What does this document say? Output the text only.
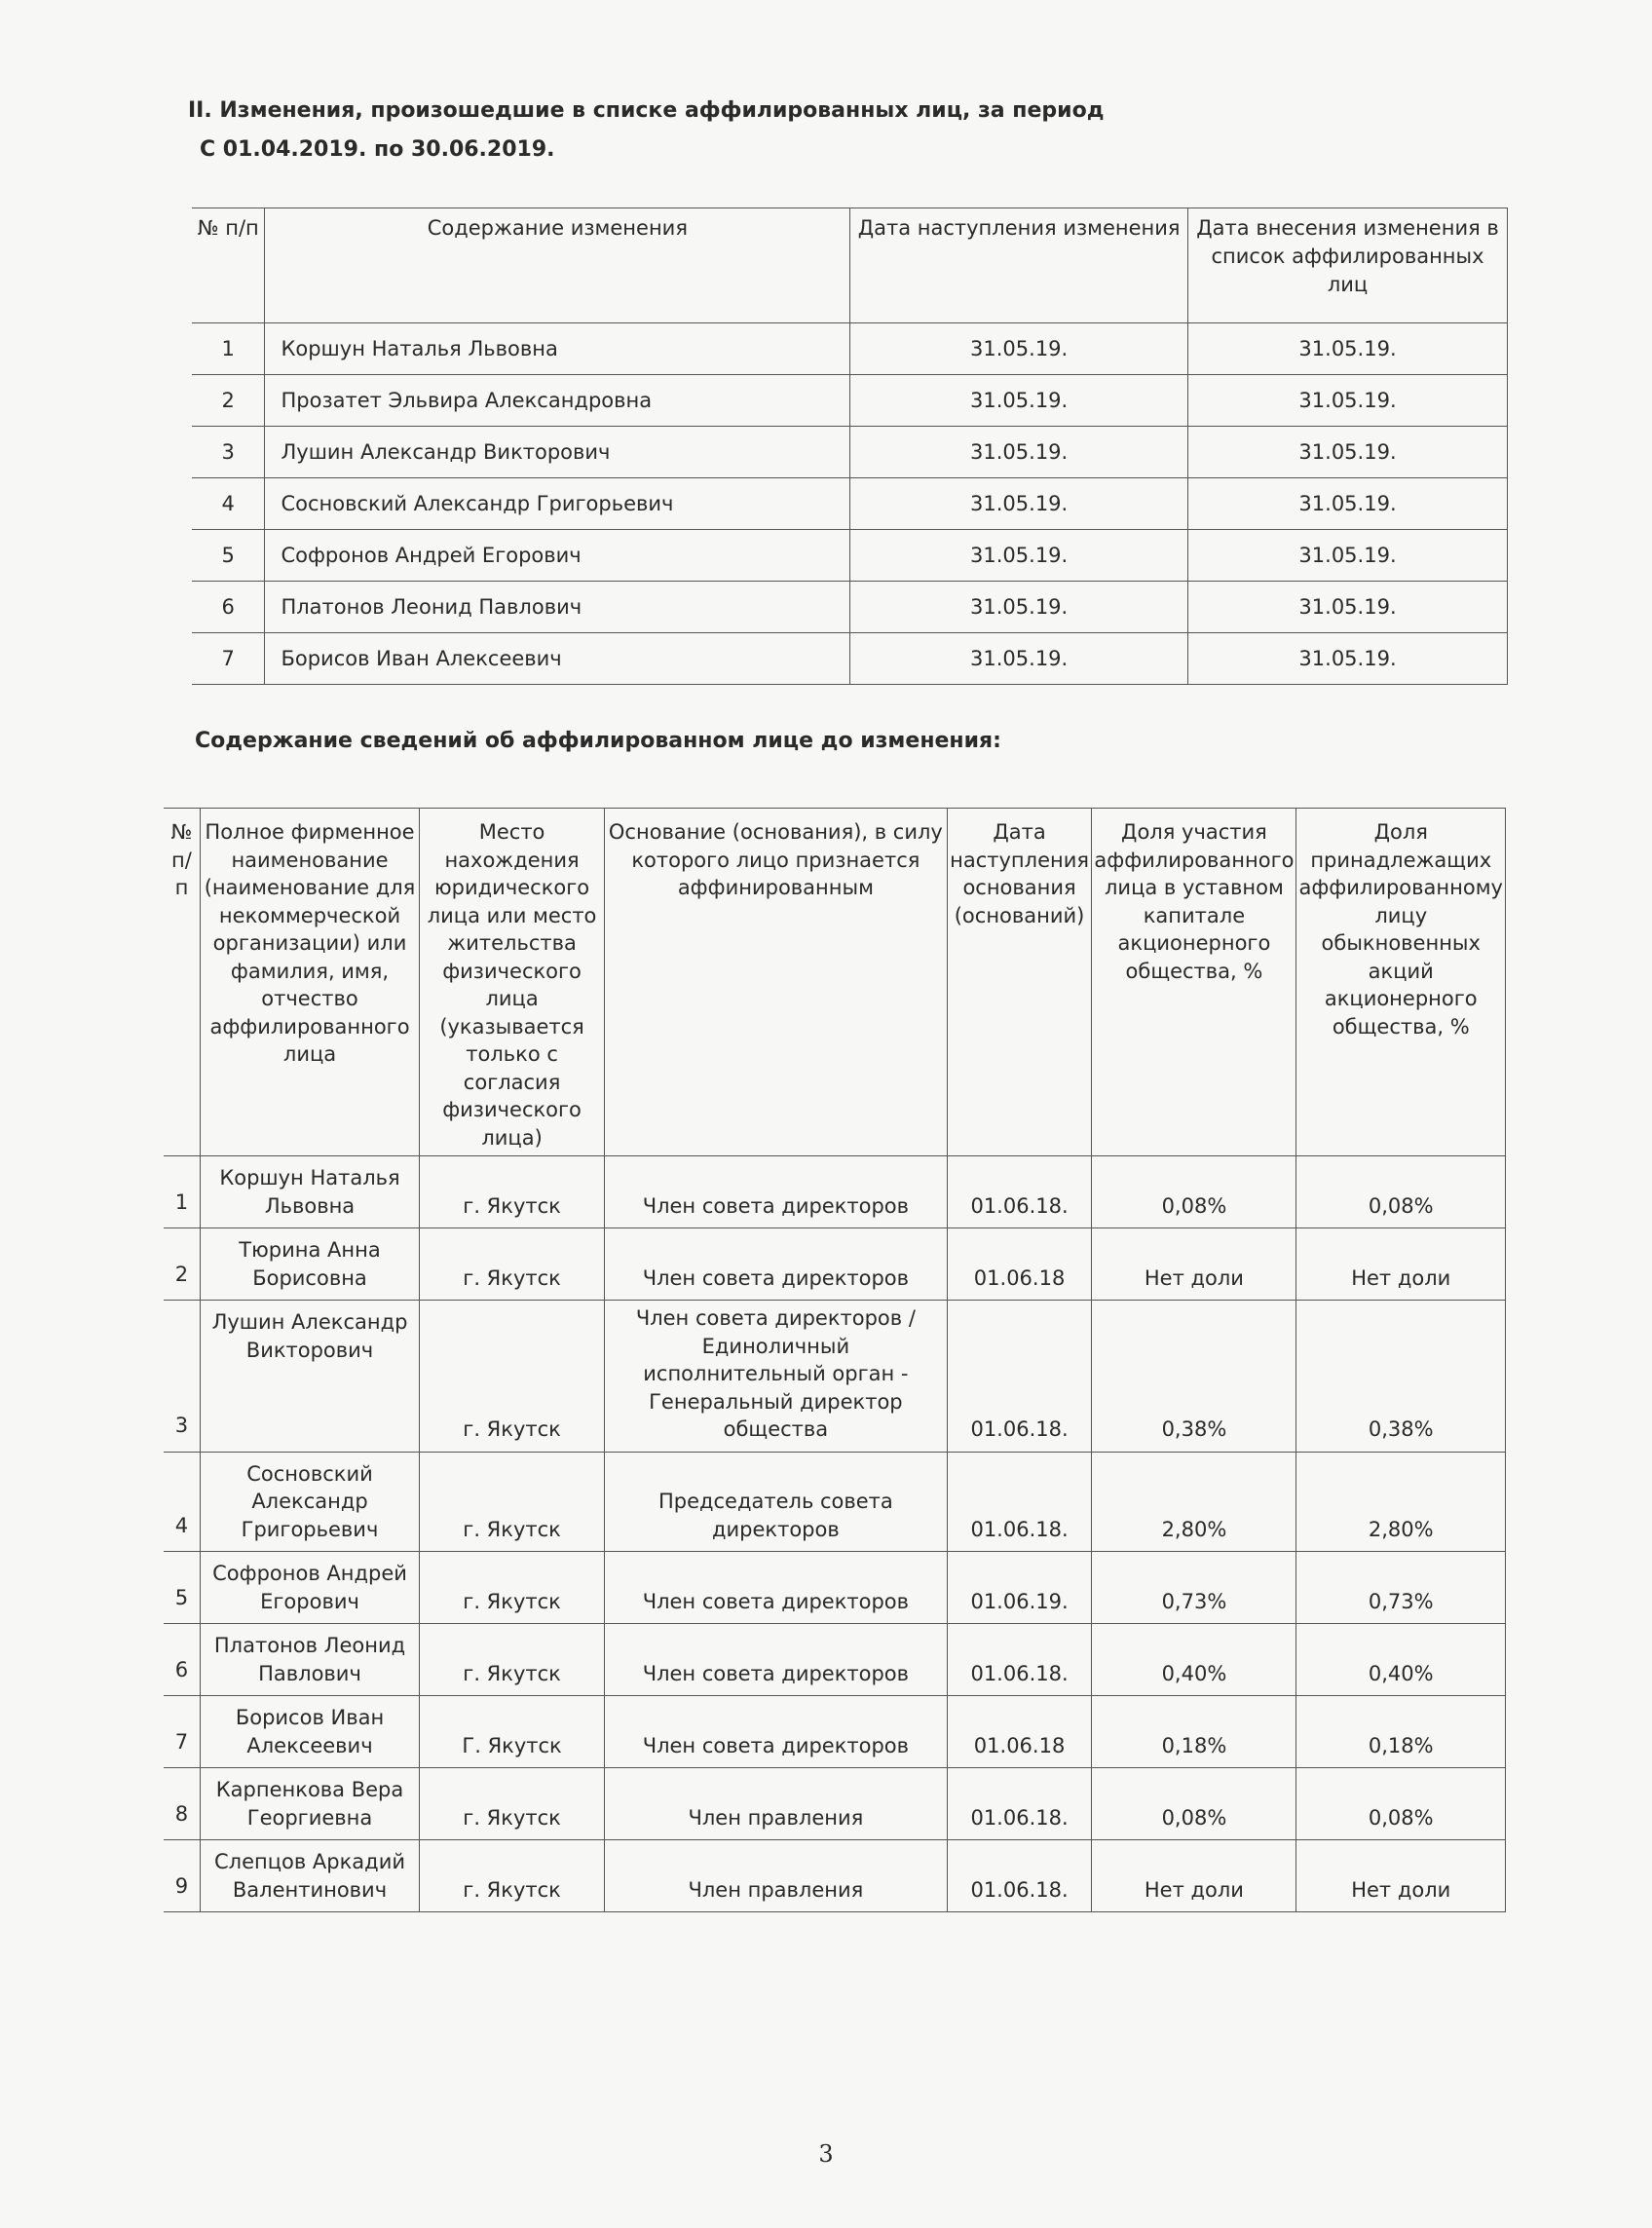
II. Изменения, произошедшие в списке аффилированных лиц, за период
С 01.04.2019. по 30.06.2019.
№ п/п	Содержание изменения	Дата наступления изменения	Дата внесения изменения в список аффилированных лиц
1	Коршун Наталья Львовна	31.05.19.	31.05.19.
2	Прозатет Эльвира Александровна	31.05.19.	31.05.19.
3	Лушин Александр Викторович	31.05.19.	31.05.19.
4	Сосновский Александр Григорьевич	31.05.19.	31.05.19.
5	Софронов Андрей Егорович	31.05.19.	31.05.19.
6	Платонов Леонид Павлович	31.05.19.	31.05.19.
7	Борисов Иван Алексеевич	31.05.19.	31.05.19.
Содержание сведений об аффилированном лице до изменения:
№ п/ п	Полное фирменное наименование (наименование для некоммерческой организации) или фамилия, имя, отчество аффилированного лица	Место нахождения юридического лица или место жительства физического лица (указывается только с согласия физического лица)	Основание (основания), в силу которого лицо признается аффинированным	Дата наступления основания (оснований)	Доля участия аффилированного лица в уставном капитале акционерного общества, %	Доля принадлежащих аффилированному лицу обыкновенных акций акционерного общества, %
1	Коршун Наталья Львовна	г. Якутск	Член совета директоров	01.06.18.	0,08%	0,08%
2	Тюрина Анна Борисовна	г. Якутск	Член совета директоров	01.06.18	Нет доли	Нет доли
3	Лушин Александр Викторович	г. Якутск	Член совета директоров / Единоличный исполнительный орган - Генеральный директор общества	01.06.18.	0,38%	0,38%
4	Сосновский Александр Григорьевич	г. Якутск	Председатель совета директоров	01.06.18.	2,80%	2,80%
5	Софронов Андрей Егорович	г. Якутск	Член совета директоров	01.06.19.	0,73%	0,73%
6	Платонов Леонид Павлович	г. Якутск	Член совета директоров	01.06.18.	0,40%	0,40%
7	Борисов Иван Алексеевич	Г. Якутск	Член совета директоров	01.06.18	0,18%	0,18%
8	Карпенкова Вера Георгиевна	г. Якутск	Член правления	01.06.18.	0,08%	0,08%
9	Слепцов Аркадий Валентинович	г. Якутск	Член правления	01.06.18.	Нет доли	Нет доли
3
